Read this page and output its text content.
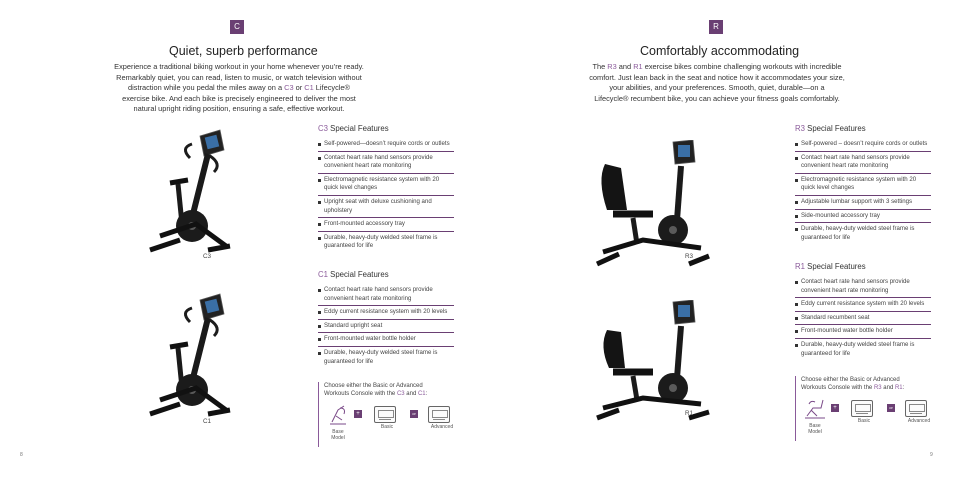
C
Quiet, superb performance
Experience a traditional biking workout in your home whenever you’re ready.
Remarkably quiet, you can read, listen to music, or watch television without
distraction while you pedal the miles away on a C3 or C1 Lifecycle®
exercise bike. And each bike is precisely engineered to deliver the most
natural upright riding position, ensuring a safe, effective workout.
C3
C1
C3 Special Features
Self-powered—doesn’t require cords or outlets
Contact heart rate hand sensors provide convenient heart rate monitoring
Electromagnetic resistance system with 20 quick level changes
Upright seat with deluxe cushioning and upholstery
Front-mounted accessory tray
Durable, heavy-duty welded steel frame is guaranteed for life
C1 Special Features
Contact heart rate hand sensors provide convenient heart rate monitoring
Eddy current resistance system with 20 levels
Standard upright seat
Front-mounted water bottle holder
Durable, heavy-duty welded steel frame is guaranteed for life
Choose either the Basic or Advanced
Workouts Console with the C3 and C1:
Base
Model
+
Basic
or
Advanced
8
R
Comfortably accommodating
The R3 and R1 exercise bikes combine challenging workouts with incredible
comfort. Just lean back in the seat and notice how it accommodates your size,
your abilities, and your preferences. Smooth, quiet, durable—on a
Lifecycle® recumbent bike, you can achieve your fitness goals comfortably.
R3
R1
R3 Special Features
Self-powered – doesn’t require cords or outlets
Contact heart rate hand sensors provide convenient heart rate monitoring
Electromagnetic resistance system with 20 quick level changes
Adjustable lumbar support with 3 settings
Side-mounted accessory tray
Durable, heavy-duty welded steel frame is guaranteed for life
R1 Special Features
Contact heart rate hand sensors provide convenient heart rate monitoring
Eddy current resistance system with 20 levels
Standard recumbent seat
Front-mounted water bottle holder
Durable, heavy-duty welded steel frame is guaranteed for life
Choose either the Basic or Advanced
Workouts Console with the R3 and R1:
Base
Model
+
Basic
or
Advanced
9
